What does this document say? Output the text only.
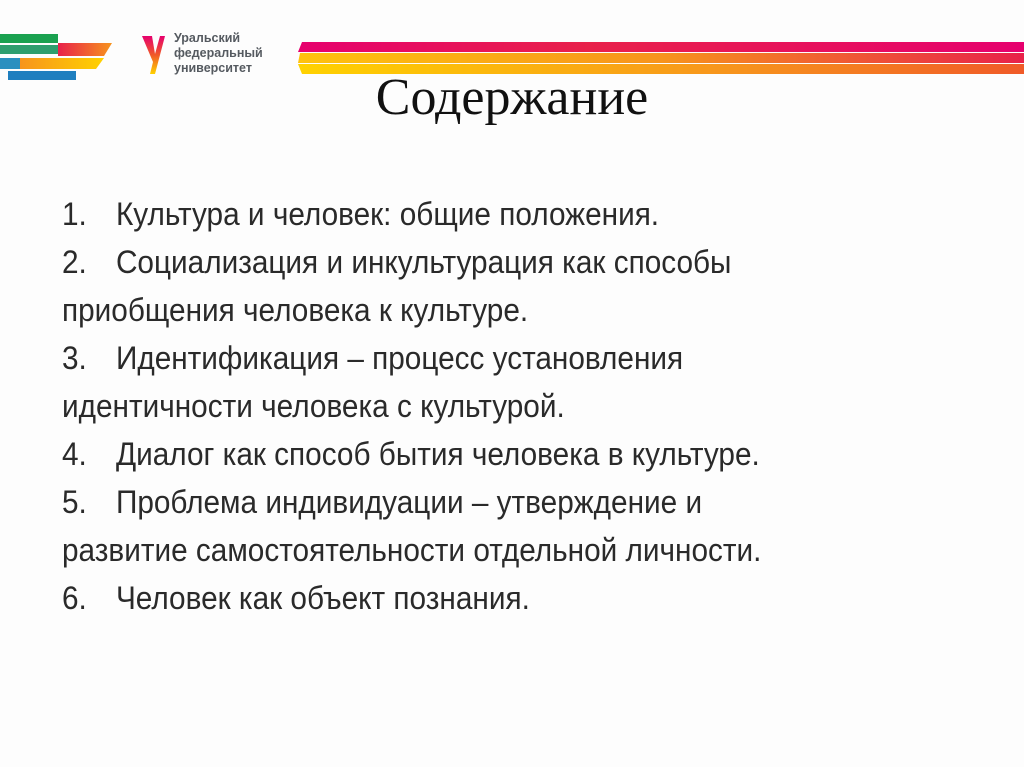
Уральский
федеральный
университет
Содержание

1. Культура и человек: общие положения.

2. Социализация и инкультурация как способы

приобщения человека к культуре.

3. Идентификация – процесс установления

идентичности человека с культурой.

4. Диалог как способ бытия человека в культуре.

5. Проблема индивидуации – утверждение и

развитие самостоятельности отдельной личности.

6. Человек как объект познания.
